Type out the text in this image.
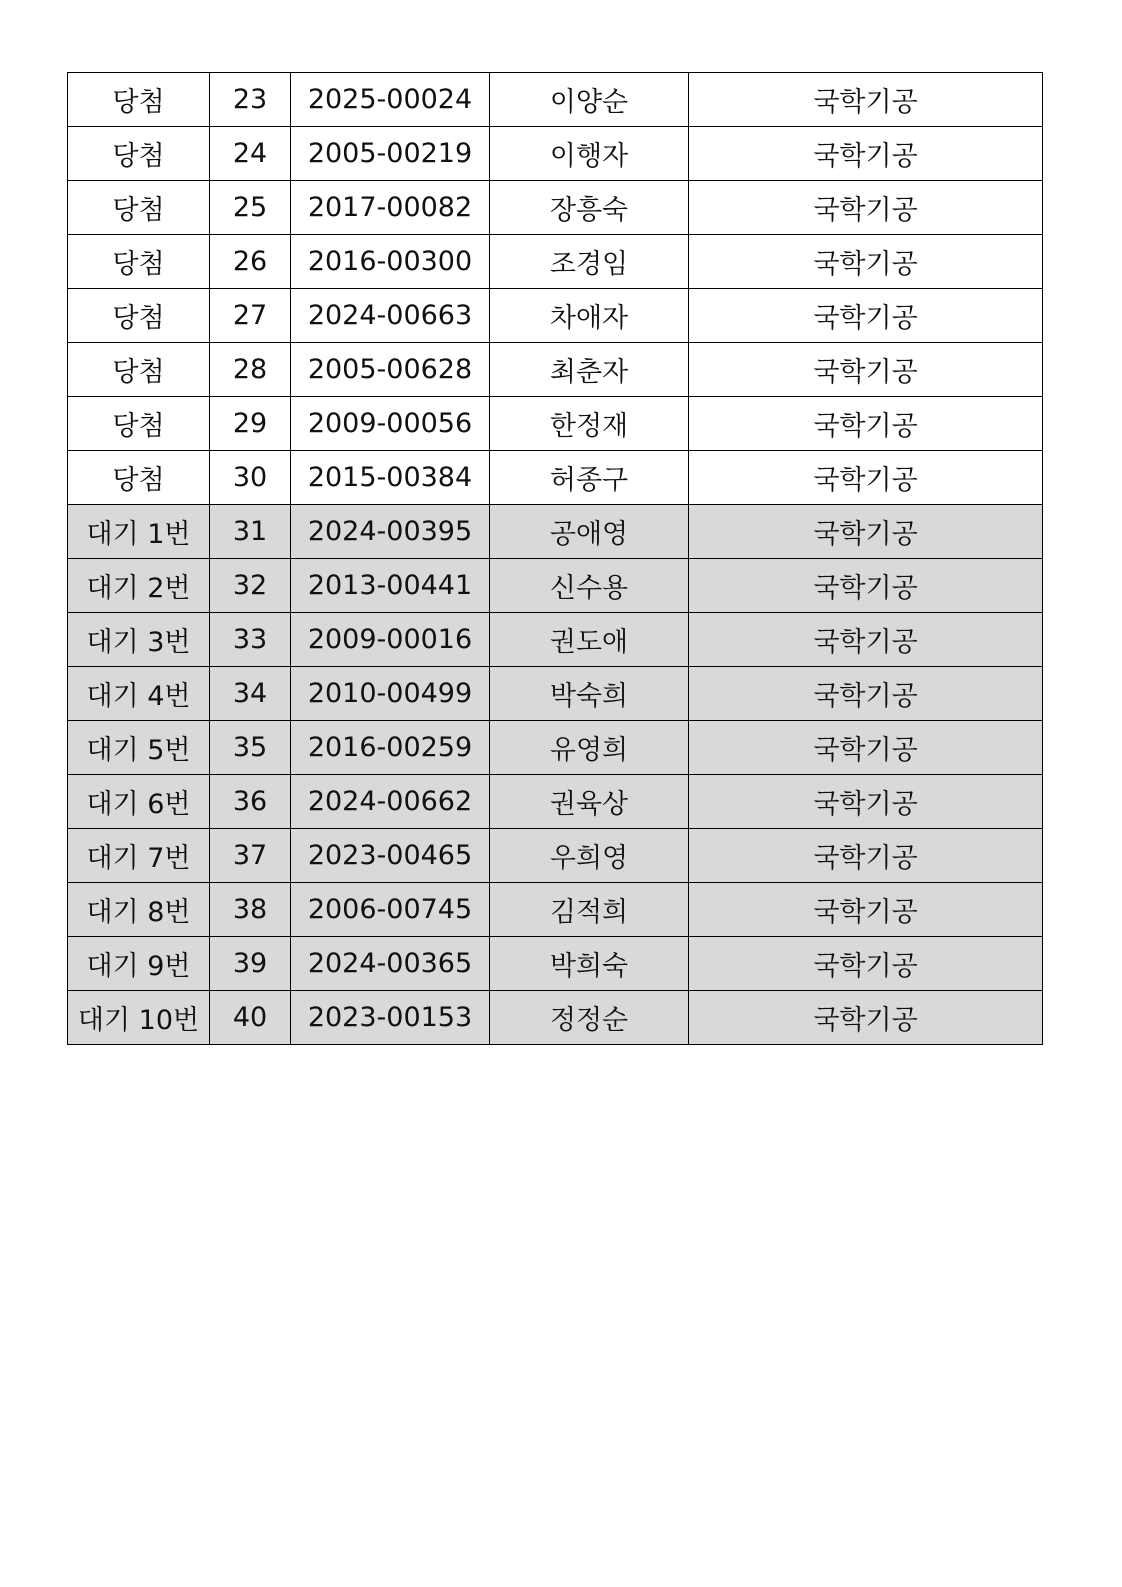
당첨	23	2025-00024	이양순	국학기공
당첨	24	2005-00219	이행자	국학기공
당첨	25	2017-00082	장흥숙	국학기공
당첨	26	2016-00300	조경임	국학기공
당첨	27	2024-00663	차애자	국학기공
당첨	28	2005-00628	최춘자	국학기공
당첨	29	2009-00056	한정재	국학기공
당첨	30	2015-00384	허종구	국학기공
대기 1번	31	2024-00395	공애영	국학기공
대기 2번	32	2013-00441	신수용	국학기공
대기 3번	33	2009-00016	권도애	국학기공
대기 4번	34	2010-00499	박숙희	국학기공
대기 5번	35	2016-00259	유영희	국학기공
대기 6번	36	2024-00662	권육상	국학기공
대기 7번	37	2023-00465	우희영	국학기공
대기 8번	38	2006-00745	김적희	국학기공
대기 9번	39	2024-00365	박희숙	국학기공
대기 10번	40	2023-00153	정정순	국학기공
